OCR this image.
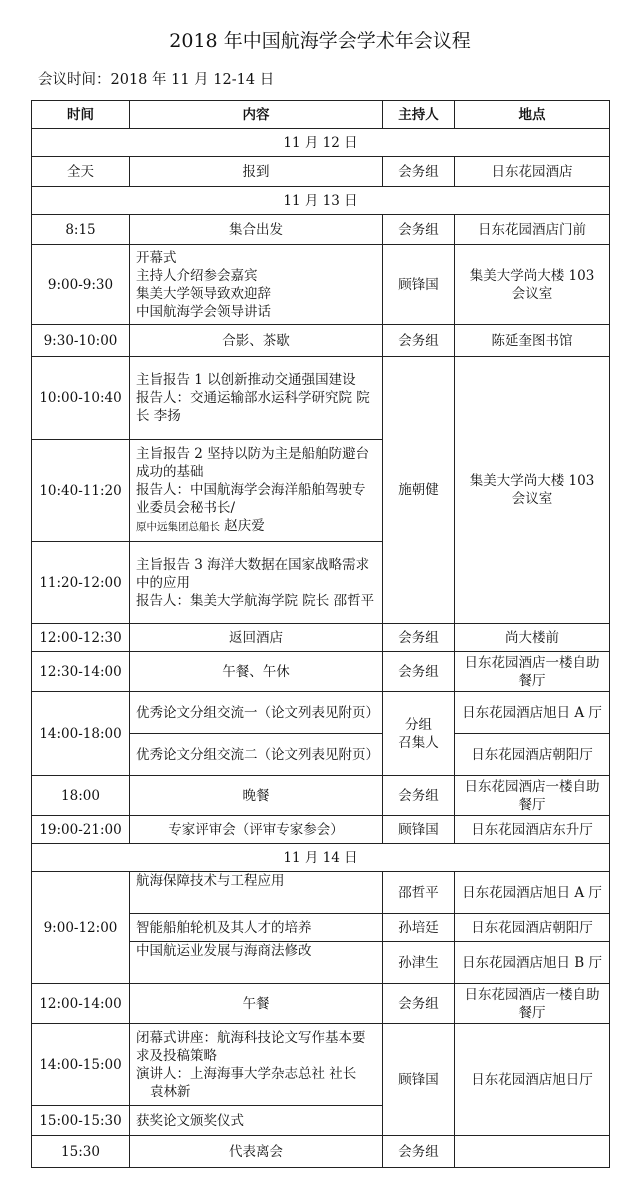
2018 年中国航海学会学术年会议程
会议时间：2018 年 11 月 12-14 日
时间	内容	主持人	地点
11 月 12 日			
全天	报到	会务组	日东花园酒店
11 月 13 日			
8:15	集合出发	会务组	日东花园酒店门前
9:00-9:30	开幕式
主持人介绍参会嘉宾
集美大学领导致欢迎辞
中国航海学会领导讲话	顾锋国	集美大学尚大楼 103 会议室
9:30-10:00	合影、茶歇	会务组	陈延奎图书馆
10:00-10:40	主旨报告 1 以创新推动交通强国建设
报告人：交通运输部水运科学研究院 院长 李扬	施朝健	集美大学尚大楼 103 会议室
10:40-11:20	主旨报告 2 坚持以防为主是船舶防避台成功的基础
报告人：中国航海学会海洋船舶驾驶专业委员会秘书长/
原中远集团总船长 赵庆爱		

11:20-12:00	主旨报告 3 海洋大数据在国家战略需求中的应用
报告人：集美大学航海学院 院长 邵哲平		

12:00-12:30	返回酒店	会务组	尚大楼前
12:30-14:00	午餐、午休	会务组	日东花园酒店一楼自助餐厅
14:00-18:00	优秀论文分组交流一（论文列表见附页）	分组
召集人	日东花园酒店旭日 A 厅
	优秀论文分组交流二（论文列表见附页）		日东花园酒店朝阳厅
18:00	晚餐	会务组	日东花园酒店一楼自助餐厅
19:00-21:00	专家评审会（评审专家参会）	顾锋国	日东花园酒店东升厅
11 月 14 日			
9:00-12:00	航海保障技术与工程应用	邵哲平	日东花园酒店旭日 A 厅
	智能船舶轮机及其人才的培养	孙培廷	日东花园酒店朝阳厅
	中国航运业发展与海商法修改	孙津生	日东花园酒店旭日 B 厅
12:00-14:00	午餐	会务组	日东花园酒店一楼自助餐厅
14:00-15:00	闭幕式讲座：航海科技论文写作基本要求及投稿策略
演讲人：上海海事大学杂志总社 社长
袁林新	顾锋国	日东花园酒店旭日厅
15:00-15:30	获奖论文颁奖仪式		
15:30	代表离会	会务组	
